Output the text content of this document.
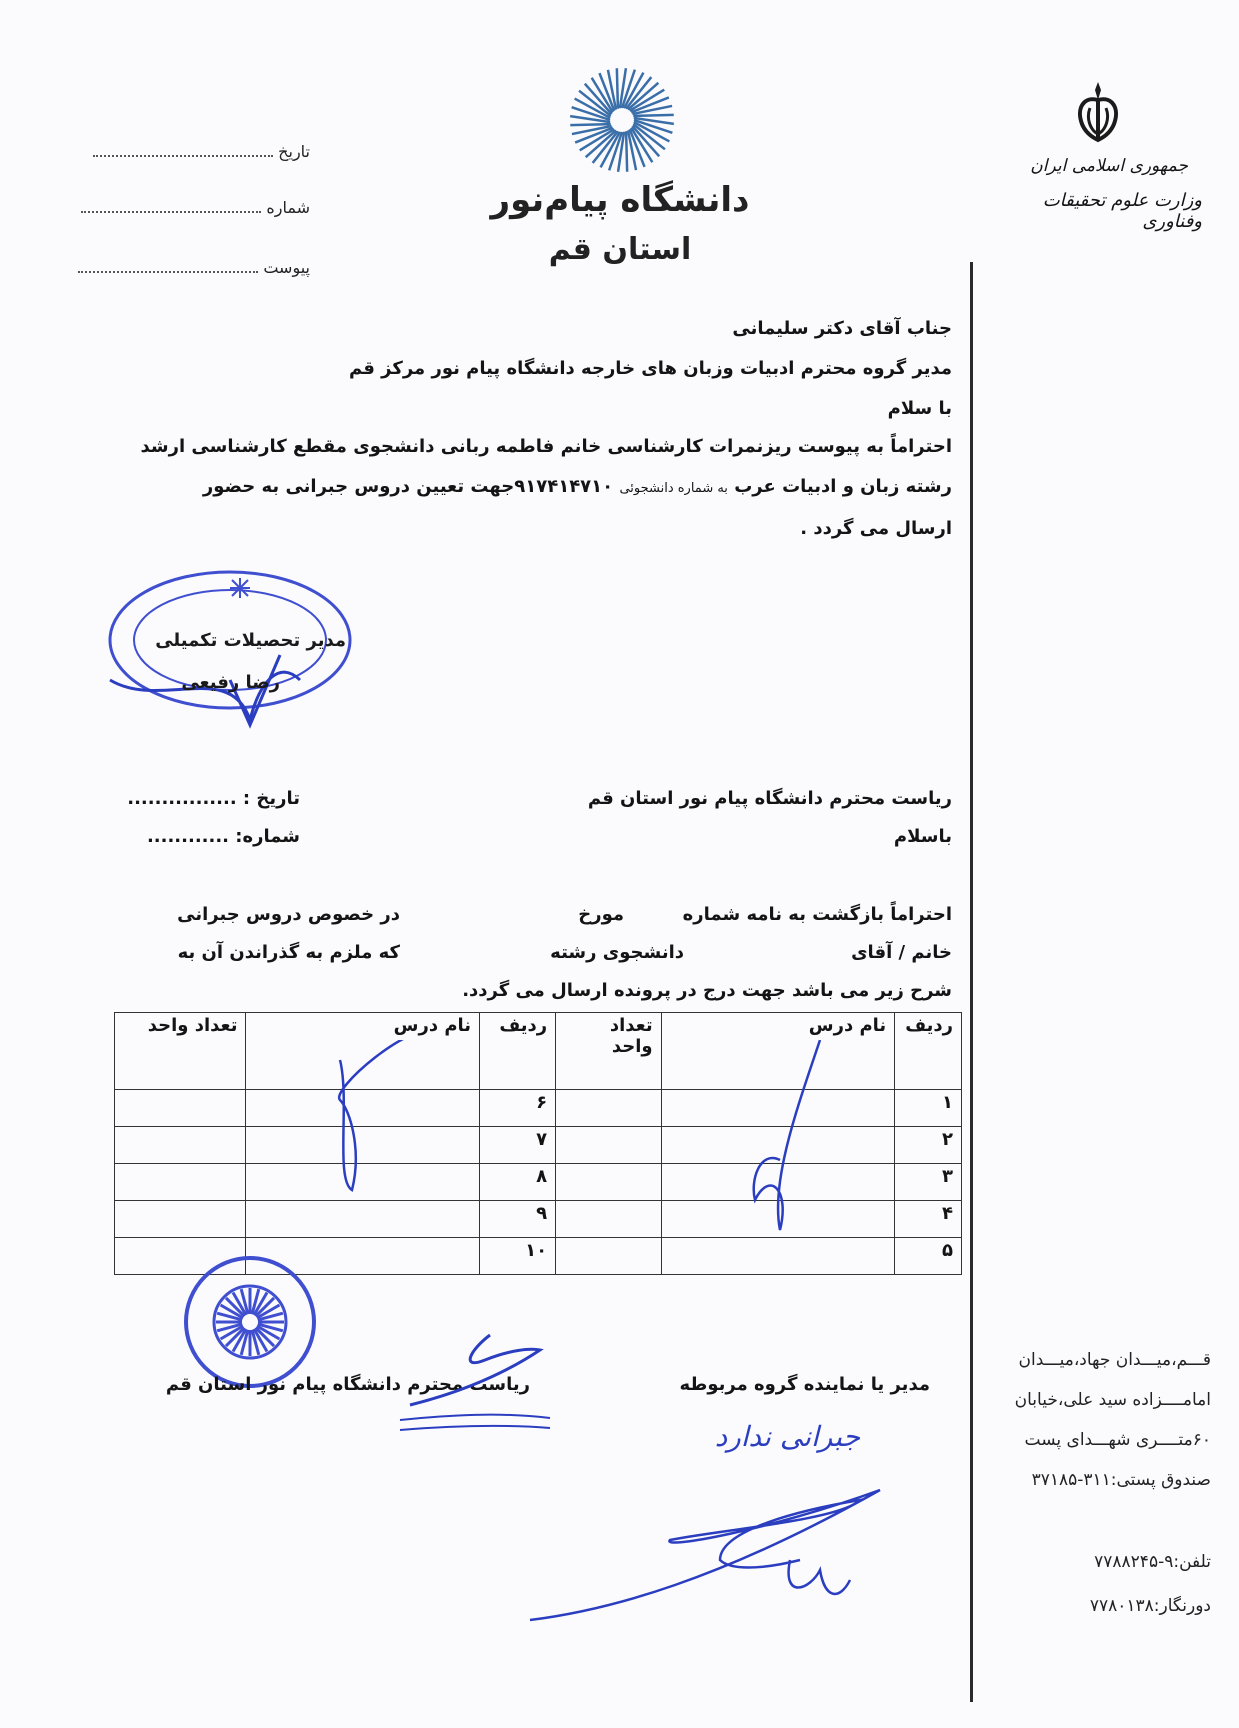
جمهوری اسلامی ایران
وزارت علوم تحقیقات وفناوری
دانشگاه پیام‌نور
استان قم
تاریخ
شماره
پیوست
جناب آقای دکتر سلیمانی
مدیر گروه محترم ادبیات وزبان های خارجه دانشگاه پیام نور مرکز قم
با سلام
احتراماً به پیوست ریزنمرات کارشناسی خانم فاطمه ربانی دانشجوی مقطع کارشناسی ارشد
رشته زبان و ادبیات عرب به شماره دانشجوئی ۹۱۷۴۱۴۷۱۰جهت تعیین دروس جبرانی به حضور
ارسال می گردد .
مدیر تحصیلات تکمیلی
رضا رفیعی
تاریخ : ................
شماره: ............
ریاست محترم دانشگاه پیام نور استان قم
باسلام
احتراماً بازگشت به نامه شماره
مورخ
در خصوص دروس جبرانی
خانم / آقای
دانشجوی رشته
که ملزم به گذراندن آن به
شرح زیر می باشد جهت درج در پرونده ارسال می گردد.
ردیف	نام درس	تعداد واحد	ردیف	نام درس	تعداد واحد
۱			۶		
۲			۷		
۳			۸		
۴			۹		
۵			۱۰		
ریاست محترم دانشگاه پیام نور استان قم	مدیر یا نماینده گروه مربوطه
جبرانی ندارد
قـــم،میـــدان جهاد،میـــدان
امامــــزاده سید علی،خیابان
۶۰متــــری شهـــدای پست
صندوق پستی:۳۱۱-۳۷۱۸۵
تلفن:۹-۷۷۸۸۲۴۵
دورنگار:۷۷۸۰۱۳۸
